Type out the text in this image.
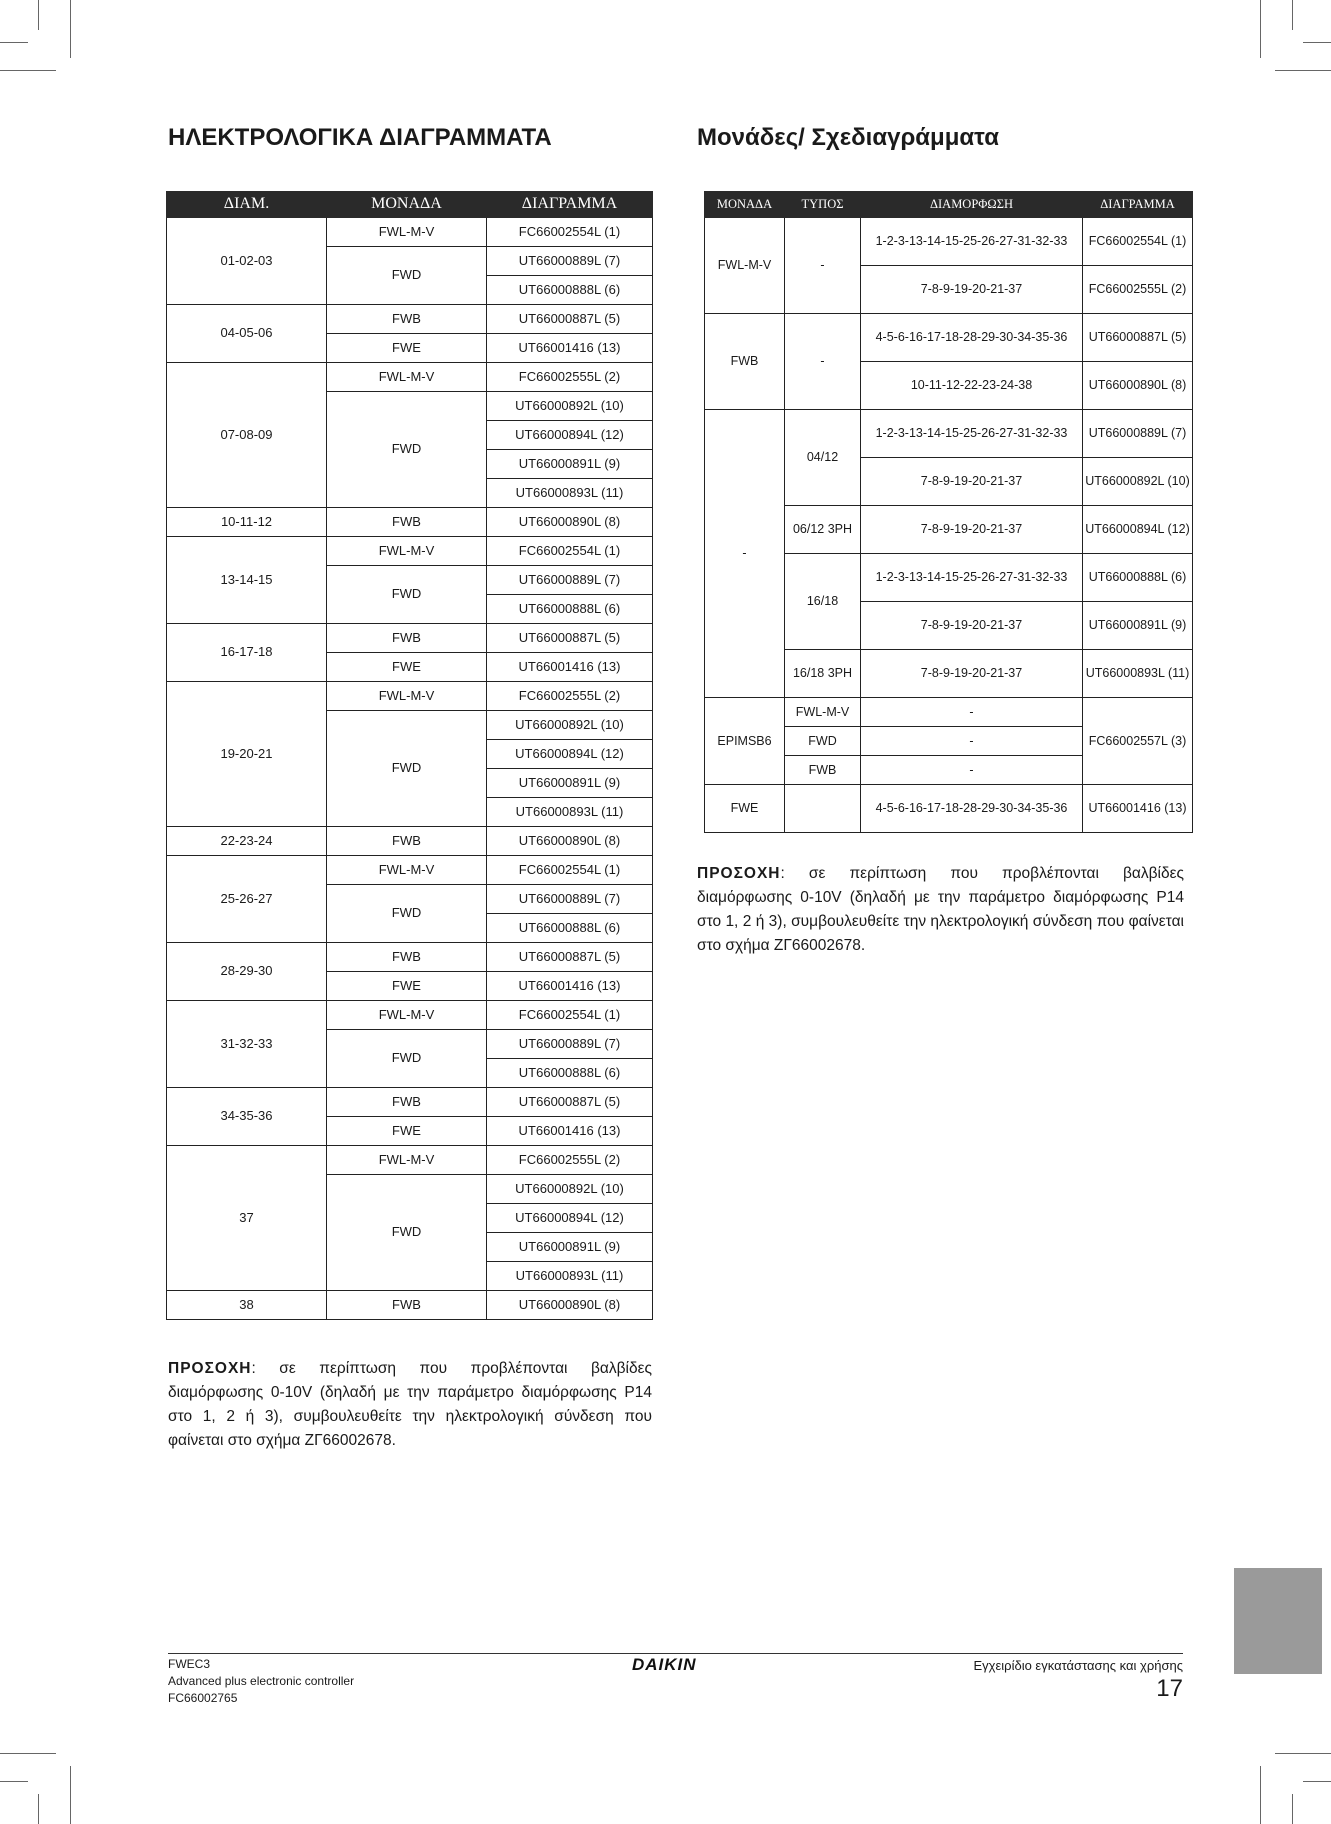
ΗΛΕΚΤΡΟΛΟΓΙΚΑ ΔΙΑΓΡΑΜΜΑΤΑ	Μονάδες/ Σχεδιαγράμματα
ΔΙΑΜ.	ΜΟΝΑΔΑ	ΔΙΑΓΡΑΜΜΑ
01-02-03	FWL-M-V	FC66002554L (1)
	FWD	UT66000889L (7)
		UT66000888L (6)
04-05-06	FWB	UT66000887L (5)
	FWE	UT66001416 (13)
07-08-09	FWL-M-V	FC66002555L (2)
	FWD	UT66000892L (10)
		UT66000894L (12)
		UT66000891L (9)
		UT66000893L (11)
10-11-12	FWB	UT66000890L (8)
13-14-15	FWL-M-V	FC66002554L (1)
	FWD	UT66000889L (7)
		UT66000888L (6)
16-17-18	FWB	UT66000887L (5)
	FWE	UT66001416 (13)
19-20-21	FWL-M-V	FC66002555L (2)
	FWD	UT66000892L (10)
		UT66000894L (12)
		UT66000891L (9)
		UT66000893L (11)
22-23-24	FWB	UT66000890L (8)
25-26-27	FWL-M-V	FC66002554L (1)
	FWD	UT66000889L (7)
		UT66000888L (6)
28-29-30	FWB	UT66000887L (5)
	FWE	UT66001416 (13)
31-32-33	FWL-M-V	FC66002554L (1)
	FWD	UT66000889L (7)
		UT66000888L (6)
34-35-36	FWB	UT66000887L (5)
	FWE	UT66001416 (13)
37	FWL-M-V	FC66002555L (2)
	FWD	UT66000892L (10)
		UT66000894L (12)
		UT66000891L (9)
		UT66000893L (11)
38	FWB	UT66000890L (8)

ΠΡΟΣΟΧΗ: σε περίπτωση που προβλέπονται βαλβίδες διαμόρφωσης 0-10V (δηλαδή με την παράμετρο διαμόρφωσης P14 στο 1, 2 ή 3), συμβουλευθείτε την ηλεκτρολογική σύνδεση που φαίνεται στο σχήμα ZΓ66002678.

ΜΟΝΑΔΑ	ΤΥΠΟΣ	ΔΙΑΜΟΡΦΩΣΗ	ΔΙΑΓΡΑΜΜΑ
FWL-M-V	-	1-2-3-13-14-15-25-26-27-31-32-33	FC66002554L (1)
		7-8-9-19-20-21-37	FC66002555L (2)
FWB	-	4-5-6-16-17-18-28-29-30-34-35-36	UT66000887L (5)
		10-11-12-22-23-24-38	UT66000890L (8)
-	04/12	1-2-3-13-14-15-25-26-27-31-32-33	UT66000889L (7)
		7-8-9-19-20-21-37	UT66000892L (10)
	06/12 3PH	7-8-9-19-20-21-37	UT66000894L (12)
	16/18	1-2-3-13-14-15-25-26-27-31-32-33	UT66000888L (6)
		7-8-9-19-20-21-37	UT66000891L (9)
	16/18 3PH	7-8-9-19-20-21-37	UT66000893L (11)
EPIMSB6	FWL-M-V	-	FC66002557L (3)
	FWD	-	
	FWB	-	
FWE		4-5-6-16-17-18-28-29-30-34-35-36	UT66001416 (13)

ΠΡΟΣΟΧΗ: σε περίπτωση που προβλέπονται βαλβίδες διαμόρφωσης 0-10V (δηλαδή με την παράμετρο διαμόρφωσης P14 στο 1, 2 ή 3), συμβουλευθείτε την ηλεκτρολογική σύνδεση που φαίνεται στο σχήμα ZΓ66002678.

FWEC3
Advanced plus electronic controller
FC66002765
DAIKIN	Εγχειρίδιο εγκατάστασης και χρήσης
17
